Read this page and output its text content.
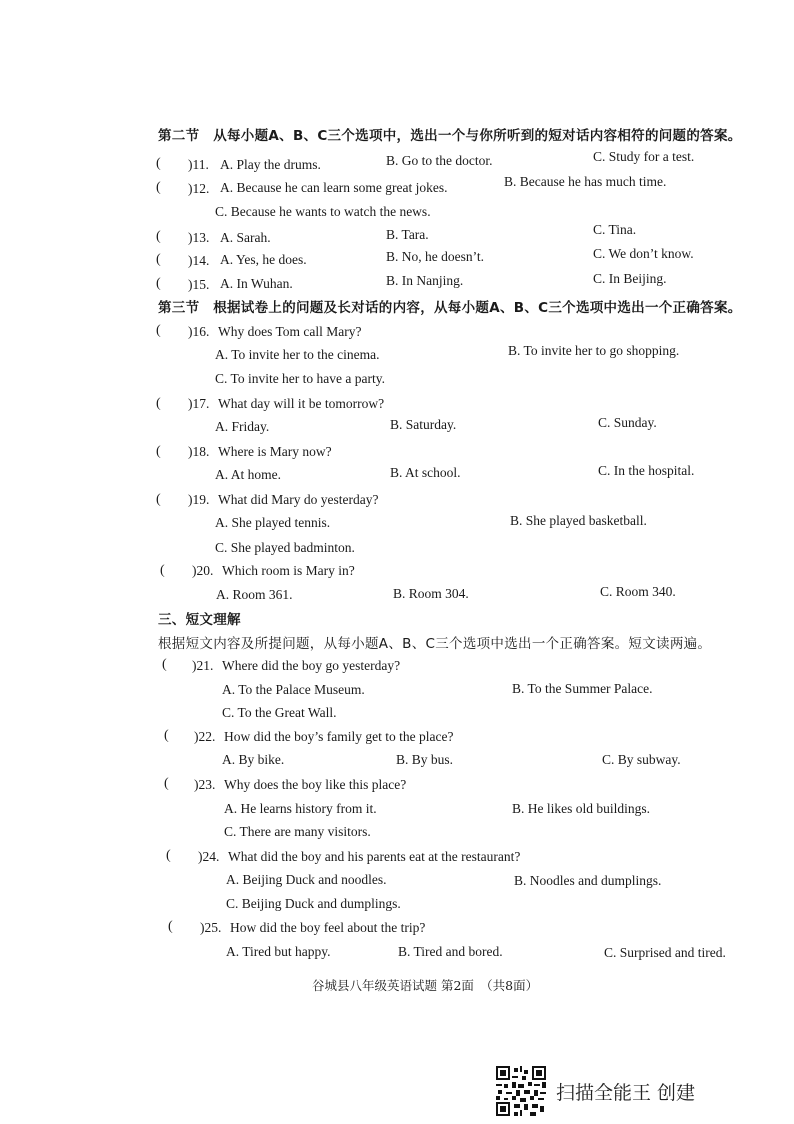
第二节　从每小题A、B、C三个选项中，选出一个与你所听到的短对话内容相符的问题的答案。
( )11. A. Play the drums.	B. Go to the doctor.	C. Study for a test.
( )12. A. Because he can learn some great jokes.	B. Because he has much time.
C. Because he wants to watch the news.
( )13. A. Sarah.	B. Tara.	C. Tina.
( )14. A. Yes, he does.	B. No, he doesn’t.	C. We don’t know.
( )15. A. In Wuhan.	B. In Nanjing.	C. In Beijing.
第三节　根据试卷上的问题及长对话的内容，从每小题A、B、C三个选项中选出一个正确答案。
( )16. Why does Tom call Mary?
A. To invite her to the cinema.	B. To invite her to go shopping.
C. To invite her to have a party.
( )17. What day will it be tomorrow?
A. Friday.	B. Saturday.	C. Sunday.
( )18. Where is Mary now?
A. At home.	B. At school.	C. In the hospital.
( )19. What did Mary do yesterday?
A. She played tennis.	B. She played basketball.
C. She played badminton.
( )20. Which room is Mary in?
A. Room 361.	B. Room 304.	C. Room 340.
三、短文理解
根据短文内容及所提问题，从每小题A、B、C三个选项中选出一个正确答案。短文读两遍。
( )21. Where did the boy go yesterday?
A. To the Palace Museum.	B. To the Summer Palace.
C. To the Great Wall.
( )22. How did the boy’s family get to the place?
A. By bike.	B. By bus.	C. By subway.
( )23. Why does the boy like this place?
A. He learns history from it.	B. He likes old buildings.
C. There are many visitors.
( )24. What did the boy and his parents eat at the restaurant?
A. Beijing Duck and noodles.	B. Noodles and dumplings.
C. Beijing Duck and dumplings.
( )25. How did the boy feel about the trip?
A. Tired but happy.	B. Tired and bored.	C. Surprised and tired.
谷城县八年级英语试题 第2面　（共8面）
扫描全能王 创建
